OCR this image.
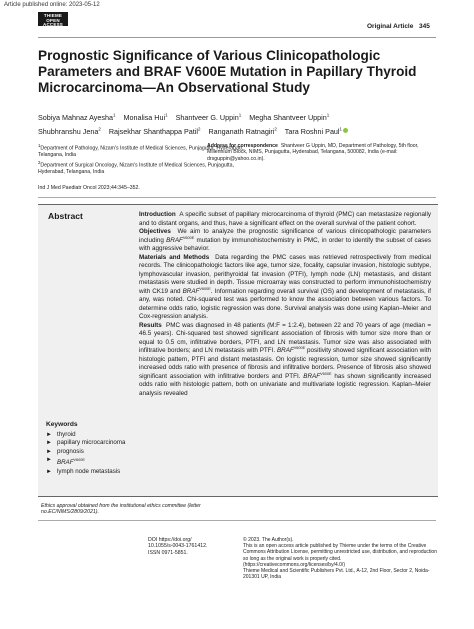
Article published online: 2023-05-12
THIEME
OPEN
ACCESS	Original Article 345
Prognostic Significance of Various Clinicopathologic Parameters and BRAF V600E Mutation in Papillary Thyroid Microcarcinoma—An Observational Study
Sobiya Mahnaz Ayesha$^1$ Monalisa Hui$^1$ Shantveer G. Uppin$^1$ Megha Shantveer Uppin$^1$
Shubhranshu Jena$^2$ Rajsekhar Shanthappa Patil$^2$ Ranganath Ratnagiri$^2$ Tara Roshni Paul$^1$

$^1$Department of Pathology, Nizam's Institute of Medical Sciences, Punjagutta, Hyderabad, Telangana, India

$^2$Department of Surgical Oncology, Nizam's Institute of Medical Sciences, Punjagutta, Hyderabad, Telangana, India

Address for correspondence Shantveer G Uppin, MD, Department of Pathology, 5th floor, Millennium Block, NIMS, Punjagutta, Hyderabad, Telangana, 500082, India (e-mail: drsguppin@yahoo.co.in).
Ind J Med Paediatr Oncol 2023;44:345–352.
Abstract	Introduction A specific subset of papillary microcarcinoma of thyroid (PMC) can metastasize regionally and to distant organs, and thus, have a significant effect on the overall survival of the patient cohort.

Objectives We aim to analyze the prognostic significance of various clinicopathologic parameters including $BRAF^{V600E}$ mutation by immunohistochemistry in PMC, in order to identify the subset of cases with aggressive behavior.

Materials and Methods Data regarding the PMC cases was retrieved retrospectively from medical records. The clinicopathologic factors like age, tumor size, focality, capsular invasion, histologic subtype, lymphovascular invasion, perithyroidal fat invasion (PTFI), lymph node (LN) metastasis, and distant metastasis were studied in depth. Tissue microarray was constructed to perform immunohistochemistry with CK19 and $BRAF^{V600E}$. Information regarding overall survival (OS) and development of metastasis, if any, was noted. Chi-squared test was performed to know the association between various factors. To determine odds ratio, logistic regression was done. Survival analysis was done using Kaplan–Meier and Cox-regression analysis.

Results PMC was diagnosed in 48 patients (M:F = 1:2.4), between 22 and 70 years of age (median = 46.5 years). Chi-squared test showed significant association of fibrosis with tumor size more than or equal to 0.5 cm, infiltrative borders, PTFI, and LN metastasis. Tumor size was also associated with infiltrative borders; and LN metastasis with PTFI. $BRAF^{V600E}$ positivity showed significant association with histologic pattern, PTFI and distant metastasis. On logistic regression, tumor size showed significantly increased odds ratio with presence of fibrosis and infiltrative borders. Presence of fibrosis also showed significant association with infiltrative borders and PTFI. $BRAF^{V600E}$ has shown significantly increased odds ratio with histologic pattern, both on univariate and multivariate logistic regression. Kaplan–Meier analysis revealed

Keywords
► thyroid
► papillary microcarcinoma
► prognosis
► $BRAF^{V600E}$
► lymph node metastasis
Ethics approval obtained from the institutional ethics committee (letter no.EC/NIMS/2809/2021).
DOI https://doi.org/
10.1055/s-0043-1761412.
ISSN 0971-5851.

© 2023. The Author(s).

This is an open access article published by Thieme under the terms of the Creative Commons Attribution License, permitting unrestricted use, distribution, and reproduction so long as the original work is properly cited. (https://creativecommons.org/licenses/by/4.0/)

Thieme Medical and Scientific Publishers Pvt. Ltd., A-12, 2nd Floor, Sector 2, Noida-201301 UP, India
